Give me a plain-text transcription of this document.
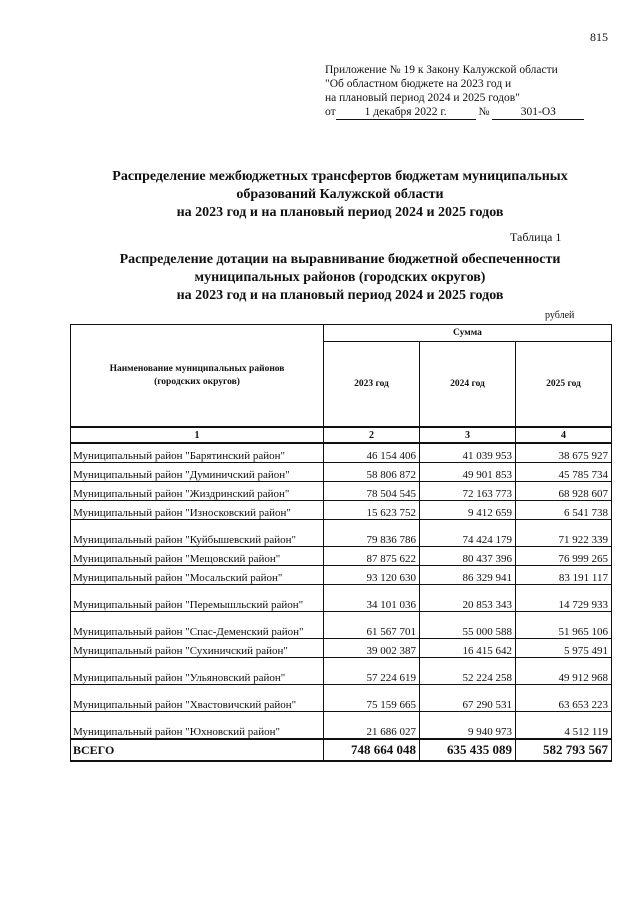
815
Приложение № 19 к Закону Калужской области
"Об областном бюджете на 2023 год и
на плановый период 2024 и 2025 годов"
от	1 декабря 2022 г.	№	301-ОЗ
Распределение межбюджетных трансфертов бюджетам муниципальных
образований Калужской области
на 2023 год и на плановый период 2024 и 2025 годов
Таблица 1
Распределение дотации на выравнивание бюджетной обеспеченности
муниципальных районов (городских округов)
на 2023 год и на плановый период 2024 и 2025 годов
рублей
Наименование муниципальных районов
(городских округов)	Сумма		
	2023 год	2024 год	2025 год
1	2	3	4
Муниципальный район "Барятинский район"	46 154 406	41 039 953	38 675 927
Муниципальный район "Думиничский район"	58 806 872	49 901 853	45 785 734
Муниципальный район "Жиздринский район"	78 504 545	72 163 773	68 928 607
Муниципальный район "Износковский район"	15 623 752	9 412 659	6 541 738
Муниципальный район "Куйбышевский район"	79 836 786	74 424 179	71 922 339
Муниципальный район "Мещовский район"	87 875 622	80 437 396	76 999 265
Муниципальный район "Мосальский район"	93 120 630	86 329 941	83 191 117
Муниципальный район "Перемышльский район"	34 101 036	20 853 343	14 729 933
Муниципальный район "Спас-Деменский район"	61 567 701	55 000 588	51 965 106
Муниципальный район "Сухиничский район"	39 002 387	16 415 642	5 975 491
Муниципальный район "Ульяновский район"	57 224 619	52 224 258	49 912 968
Муниципальный район "Хвастовичский район"	75 159 665	67 290 531	63 653 223
Муниципальный район "Юхновский район"	21 686 027	9 940 973	4 512 119
ВСЕГО	748 664 048	635 435 089	582 793 567
